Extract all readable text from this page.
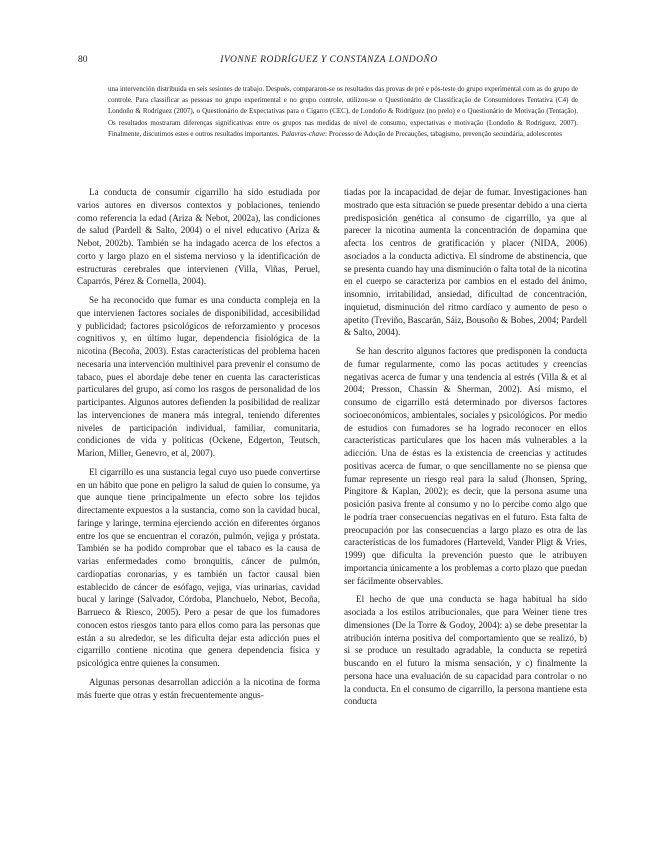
80	IVONNE RODRÍGUEZ Y CONSTANZA LONDOÑO
una intervención distribuida en seis sesiones de trabajo. Después, compararon-se os resultados das provas de pré e pós-teste do grupo experimental com as do grupo de controle. Para classificar as pessoas no grupo experimental e no grupo controle, utilizou-se o Questionário de Classificação de Consumidores Tentativa (C4) de Londoño & Rodríguez (2007), o Questionário de Expectativas para o Cigarro (CEC), de Londoño & Rodríguez (no prelo) e o Questionário de Motivação (Tentação). Os resultados mostraram diferenças significativas entre os grupos nas medidas de nível de consumo, expectativas e motivação (Londoño & Rodríguez, 2007). Finalmente, discutimos estes e outros resultados importantes. Palavras-chave: Processo de Adoção de Precauções, tabagismo, prevenção secundária, adolescentes

La conducta de consumir cigarrillo ha sido estudiada por varios autores en diversos contextos y poblaciones, teniendo como referencia la edad (Ariza & Nebot, 2002a), las condiciones de salud (Pardell & Salto, 2004) o el nivel educativo (Ariza & Nebot, 2002b). También se ha indagado acerca de los efectos a corto y largo plazo en el sistema nervioso y la identificación de estructuras cerebrales que intervienen (Villa, Viñas, Peruel, Caparrós, Pérez & Cornella, 2004).

Se ha reconocido que fumar es una conducta compleja en la que intervienen factores sociales de disponibilidad, accesibilidad y publicidad; factores psicológicos de reforzamiento y procesos cognitivos y, en último lugar, dependencia fisiológica de la nicotina (Becoña, 2003). Estas características del problema hacen necesaria una intervención multinivel para prevenir el consumo de tabaco, pues el abordaje debe tener en cuenta las características particulares del grupo, así como los rasgos de personalidad de los participantes. Algunos autores defienden la posibilidad de realizar las intervenciones de manera más integral, teniendo diferentes niveles de participación individual, familiar, comunitaria, condiciones de vida y políticas (Ockene, Edgerton, Teutsch, Marion, Miller, Genevro, et al, 2007).

El cigarrillo es una sustancia legal cuyo uso puede convertirse en un hábito que pone en peligro la salud de quien lo consume, ya que aunque tiene principalmente un efecto sobre los tejidos directamente expuestos a la sustancia, como son la cavidad bucal, faringe y laringe, termina ejerciendo acción en diferentes órganos entre los que se encuentran el corazón, pulmón, vejiga y próstata. También se ha podido comprobar que el tabaco es la causa de varias enfermedades como bronquitis, cáncer de pulmón, cardiopatías coronarias, y es también un factor causal bien establecido de cáncer de esófago, vejiga, vías urinarias, cavidad bucal y laringe (Salvador, Córdoba, Planchuelo, Nebot, Becoña, Barrueco & Riesco, 2005). Pero a pesar de que los fumadores conocen estos riesgos tanto para ellos como para las personas que están a su alrededor, se les dificulta dejar esta adicción pues el cigarrillo contiene nicotina que genera dependencia física y psicológica entre quienes la consumen.

Algunas personas desarrollan adicción a la nicotina de forma más fuerte que otras y están frecuentemente angus-

tiadas por la incapacidad de dejar de fumar. Investigaciones han mostrado que esta situación se puede presentar debido a una cierta predisposición genética al consumo de cigarrillo, ya que al parecer la nicotina aumenta la concentración de dopamina que afecta los centros de gratificación y placer (NIDA, 2006) asociados a la conducta adictiva. El síndrome de abstinencia, que se presenta cuando hay una disminución o falta total de la nicotina en el cuerpo se caracteriza por cambios en el estado del ánimo, insomnio, irritabilidad, ansiedad, dificultad de concentración, inquietud, disminución del ritmo cardíaco y aumento de peso o apetito (Treviño, Bascarán, Sáiz, Bousoño & Bobes, 2004; Pardell & Salto, 2004).

Se han descrito algunos factores que predisponen la conducta de fumar regularmente, como las pocas actitudes y creencias negativas acerca de fumar y una tendencia al estrés (Villa & et al 2004; Presson, Chassin & Sherman, 2002). Así mismo, el consumo de cigarrillo está determinado por diversos factores socioeconómicos, ambientales, sociales y psicológicos. Por medio de estudios con fumadores se ha logrado reconocer en ellos características particulares que los hacen más vulnerables a la adicción. Una de éstas es la existencia de creencias y actitudes positivas acerca de fumar, o que sencillamente no se piensa que fumar represente un riesgo real para la salud (Jhonsen, Spring, Pingitore & Kaplan, 2002); es decir, que la persona asume una posición pasiva frente al consumo y no lo percibe como algo que le podría traer consecuencias negativas en el futuro. Esta falta de preocupación por las consecuencias a largo plazo es otra de las características de los fumadores (Harteveld, Vander Pligt & Vries, 1999) que dificulta la prevención puesto que le atribuyen importancia únicamente a los problemas a corto plazo que puedan ser fácilmente observables.

El hecho de que una conducta se haga habitual ha sido asociada a los estilos atribucionales, que para Weiner tiene tres dimensiones (De la Torre & Godoy, 2004): a) se debe presentar la atribución interna positiva del comportamiento que se realizó, b) si se produce un resultado agradable, la conducta se repetirá buscando en el futuro la misma sensación, y c) finalmente la persona hace una evaluación de su capacidad para controlar o no la conducta. En el consumo de cigarrillo, la persona mantiene esta conducta
